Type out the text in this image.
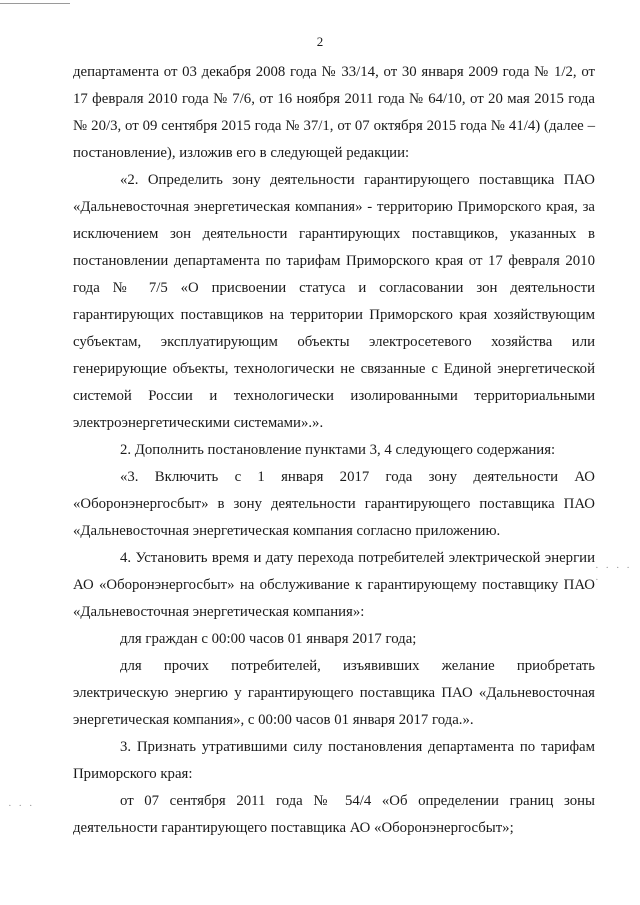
2

департамента от 03 декабря 2008 года № 33/14, от 30 января 2009 года № 1/2, от 17 февраля 2010 года № 7/6, от 16 ноября 2011 года № 64/10, от 20 мая 2015 года № 20/3, от 09 сентября 2015 года № 37/1, от 07 октября 2015 года № 41/4) (далее – постановление), изложив его в следующей редакции:

«2. Определить зону деятельности гарантирующего поставщика ПАО «Дальневосточная энергетическая компания» - территорию Приморского края, за исключением зон деятельности гарантирующих поставщиков, указанных в постановлении департамента по тарифам Приморского края от 17 февраля 2010 года № 7/5 «О присвоении статуса и согласовании зон деятельности гарантирующих поставщиков на территории Приморского края хозяйствующим субъектам, эксплуатирующим объекты электросетевого хозяйства или генерирующие объекты, технологически не связанные с Единой энергетической системой России и технологически изолированными территориальными электроэнергетическими системами».».

2. Дополнить постановление пунктами 3, 4 следующего содержания:

«3. Включить с 1 января 2017 года зону деятельности АО «Оборонэнергосбыт» в зону деятельности гарантирующего поставщика ПАО «Дальневосточная энергетическая компания согласно приложению.

4. Установить время и дату перехода потребителей электрической энергии АО «Оборонэнергосбыт» на обслуживание к гарантирующему поставщику ПАО «Дальневосточная энергетическая компания»:

для граждан с 00:00 часов 01 января 2017 года;

для прочих потребителей, изъявивших желание приобретать электрическую энергию у гарантирующего поставщика ПАО «Дальневосточная энергетическая компания», с 00:00 часов 01 января 2017 года.».

3. Признать утратившими силу постановления департамента по тарифам Приморского края:

от 07 сентября 2011 года № 54/4 «Об определении границ зоны деятельности гарантирующего поставщика АО «Оборонэнергосбыт»;

· · · · ·
· · ·
